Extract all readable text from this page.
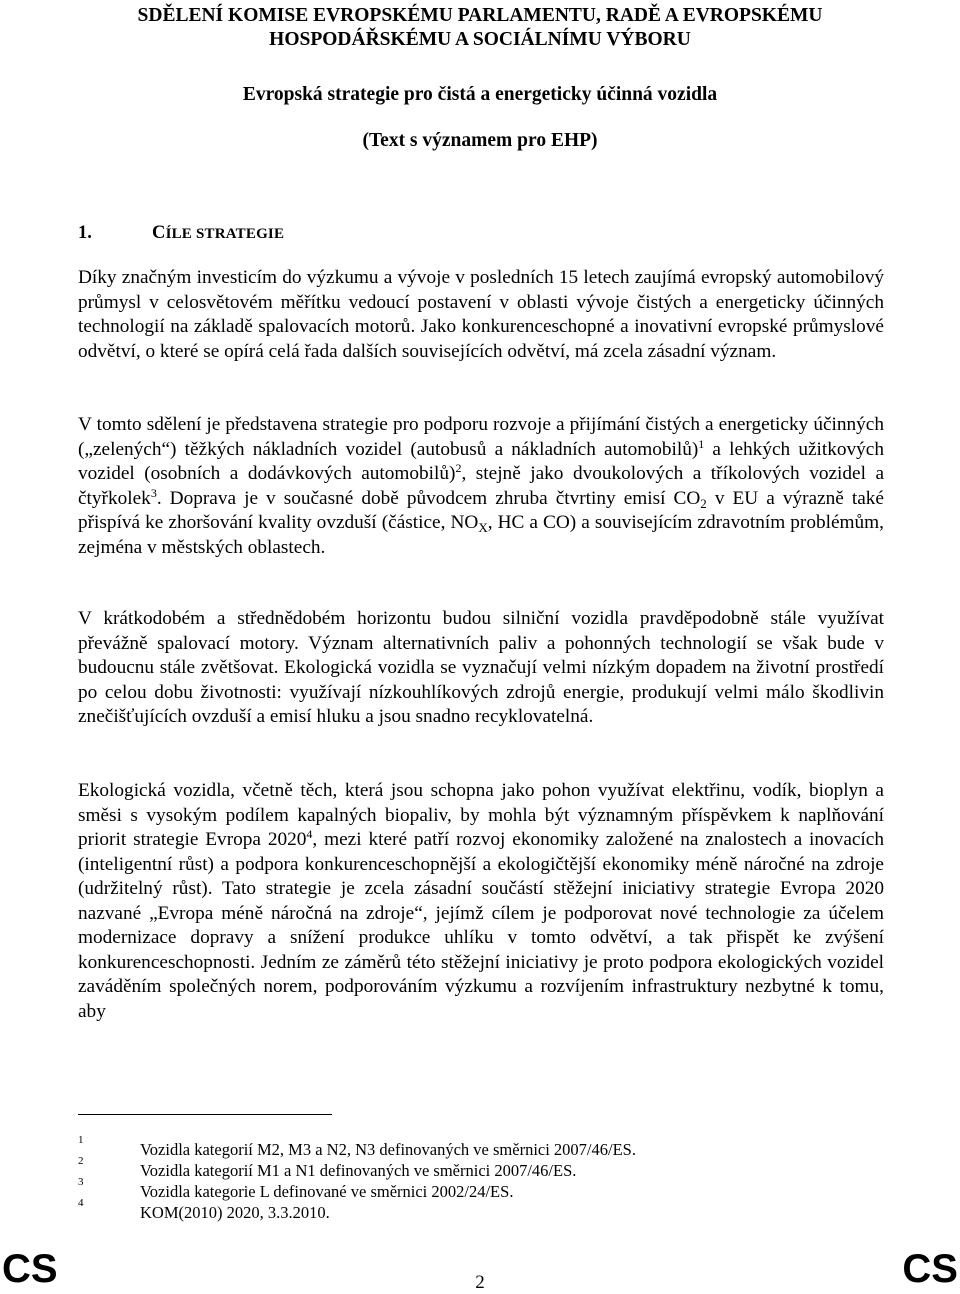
SDĚLENÍ KOMISE EVROPSKÉMU PARLAMENTU, RADĚ A EVROPSKÉMU
HOSPODÁŘSKÉMU A SOCIÁLNÍMU VÝBORU

Evropská strategie pro čistá a energeticky účinná vozidla

(Text s významem pro EHP)

1.	CÍLE STRATEGIE

Díky značným investicím do výzkumu a vývoje v posledních 15 letech zaujímá evropský automobilový průmysl v celosvětovém měřítku vedoucí postavení v oblasti vývoje čistých a energeticky účinných technologií na základě spalovacích motorů. Jako konkurenceschopné a inovativní evropské průmyslové odvětví, o které se opírá celá řada dalších souvisejících odvětví, má zcela zásadní význam.

V tomto sdělení je představena strategie pro podporu rozvoje a přijímání čistých a energeticky účinných („zelených“) těžkých nákladních vozidel (autobusů a nákladních automobilů)$^1$ a lehkých užitkových vozidel (osobních a dodávkových automobilů)$^2$, stejně jako dvoukolových a tříkolových vozidel a čtyřkolek$^3$. Doprava je v současné době původcem zhruba čtvrtiny emisí $CO_2$ v EU a výrazně také přispívá ke zhoršování kvality ovzduší (částice, $NO_X$, HC a CO) a souvisejícím zdravotním problémům, zejména v městských oblastech.

V krátkodobém a střednědobém horizontu budou silniční vozidla pravděpodobně stále využívat převážně spalovací motory. Význam alternativních paliv a pohonných technologií se však bude v budoucnu stále zvětšovat. Ekologická vozidla se vyznačují velmi nízkým dopadem na životní prostředí po celou dobu životnosti: využívají nízkouhlíkových zdrojů energie, produkují velmi málo škodlivin znečišťujících ovzduší a emisí hluku a jsou snadno recyklovatelná.

Ekologická vozidla, včetně těch, která jsou schopna jako pohon využívat elektřinu, vodík, bioplyn a směsi s vysokým podílem kapalných biopaliv, by mohla být významným příspěvkem k naplňování priorit strategie Evropa 2020$^4$, mezi které patří rozvoj ekonomiky založené na znalostech a inovacích (inteligentní růst) a podpora konkurenceschopnější a ekologičtější ekonomiky méně náročné na zdroje (udržitelný růst). Tato strategie je zcela zásadní součástí stěžejní iniciativy strategie Evropa 2020 nazvané „Evropa méně náročná na zdroje“, jejímž cílem je podporovat nové technologie za účelem modernizace dopravy a snížení produkce uhlíku v tomto odvětví, a tak přispět ke zvýšení konkurenceschopnosti. Jedním ze záměrů této stěžejní iniciativy je proto podpora ekologických vozidel zaváděním společných norem, podporováním výzkumu a rozvíjením infrastruktury nezbytné k tomu, aby

1	Vozidla kategorií M2, M3 a N2, N3 definovaných ve směrnici 2007/46/ES.
2	Vozidla kategorií M1 a N1 definovaných ve směrnici 2007/46/ES.
3	Vozidla kategorie L definované ve směrnici 2002/24/ES.
4	KOM(2010) 2020, 3.3.2010.

CS	2	CS
